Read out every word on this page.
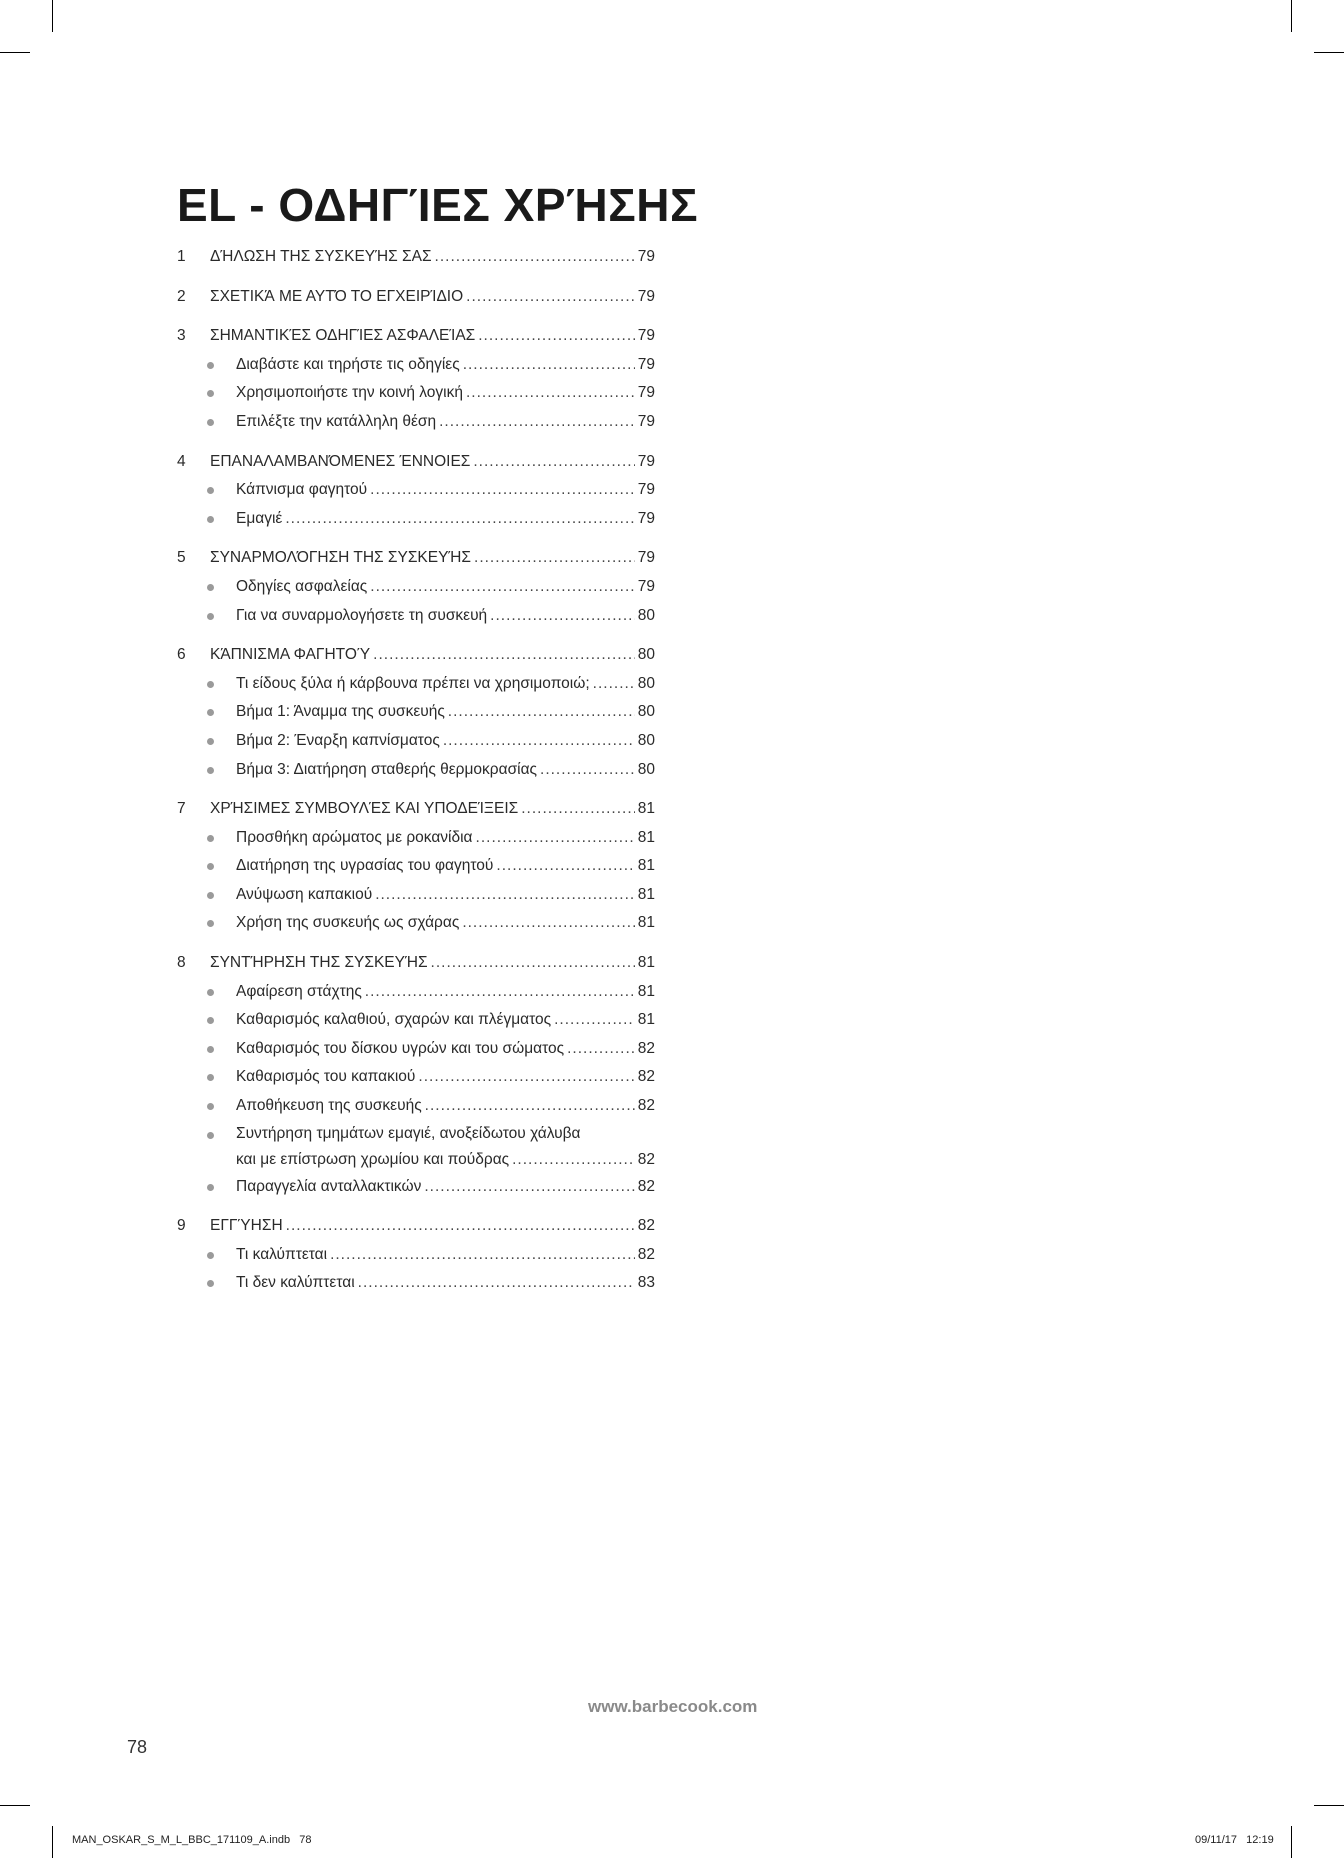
EL - ΟΔΗΓΊΕΣ ΧΡΉΣΗΣ
1	ΔΉΛΩΣΗ ΤΗΣ ΣΥΣΚΕΥΉΣ ΣΑΣ .....	79
2	ΣΧΕΤΙΚΆ ΜΕ ΑΥΤΌ ΤΟ ΕΓΧΕΙΡΊΔΙΟ .....	79
3	ΣΗΜΑΝΤΙΚΈΣ ΟΔΗΓΊΕΣ ΑΣΦΑΛΕΊΑΣ .....	79
Διαβάστε και τηρήστε τις οδηγίες .....	79
Χρησιμοποιήστε την κοινή λογική .....	79
Επιλέξτε την κατάλληλη θέση .....	79
4	ΕΠΑΝΑΛΑΜΒΑΝΌΜΕΝΕΣ ΈΝΝΟΙΕΣ .....	79
Κάπνισμα φαγητού .....	79
Εμαγιέ .....	79
5	ΣΥΝΑΡΜΟΛΌΓΗΣΗ ΤΗΣ ΣΥΣΚΕΥΉΣ .....	79
Οδηγίες ασφαλείας .....	79
Για να συναρμολογήσετε τη συσκευή .....	80
6	ΚΆΠΝΙΣΜΑ ΦΑΓΗΤΟΎ .....	80
Τι είδους ξύλα ή κάρβουνα πρέπει να χρησιμοποιώ; .....	80
Βήμα 1: Άναμμα της συσκευής .....	80
Βήμα 2: Έναρξη καπνίσματος .....	80
Βήμα 3: Διατήρηση σταθερής θερμοκρασίας .....	80
7	ΧΡΉΣΙΜΕΣ ΣΥΜΒΟΥΛΈΣ ΚΑΙ ΥΠΟΔΕΊΞΕΙΣ .....	81
Προσθήκη αρώματος με ροκανίδια .....	81
Διατήρηση της υγρασίας του φαγητού .....	81
Ανύψωση καπακιού .....	81
Χρήση της συσκευής ως σχάρας .....	81
8	ΣΥΝΤΉΡΗΣΗ ΤΗΣ ΣΥΣΚΕΥΉΣ .....	81
Αφαίρεση στάχτης .....	81
Καθαρισμός καλαθιού, σχαρών και πλέγματος .....	81
Καθαρισμός του δίσκου υγρών και του σώματος .....	82
Καθαρισμός του καπακιού .....	82
Αποθήκευση της συσκευής .....	82
Συντήρηση τμημάτων εμαγιέ, ανοξείδωτου χάλυβα
και με επίστρωση χρωμίου και πούδρας .....	82
Παραγγελία ανταλλακτικών .....	82
9	ΕΓΓΎΗΣΗ .....	82
Τι καλύπτεται .....	82
Τι δεν καλύπτεται .....	83
www.barbecook.com
78
MAN_OSKAR_S_M_L_BBC_171109_A.indb   78	09/11/17   12:19
